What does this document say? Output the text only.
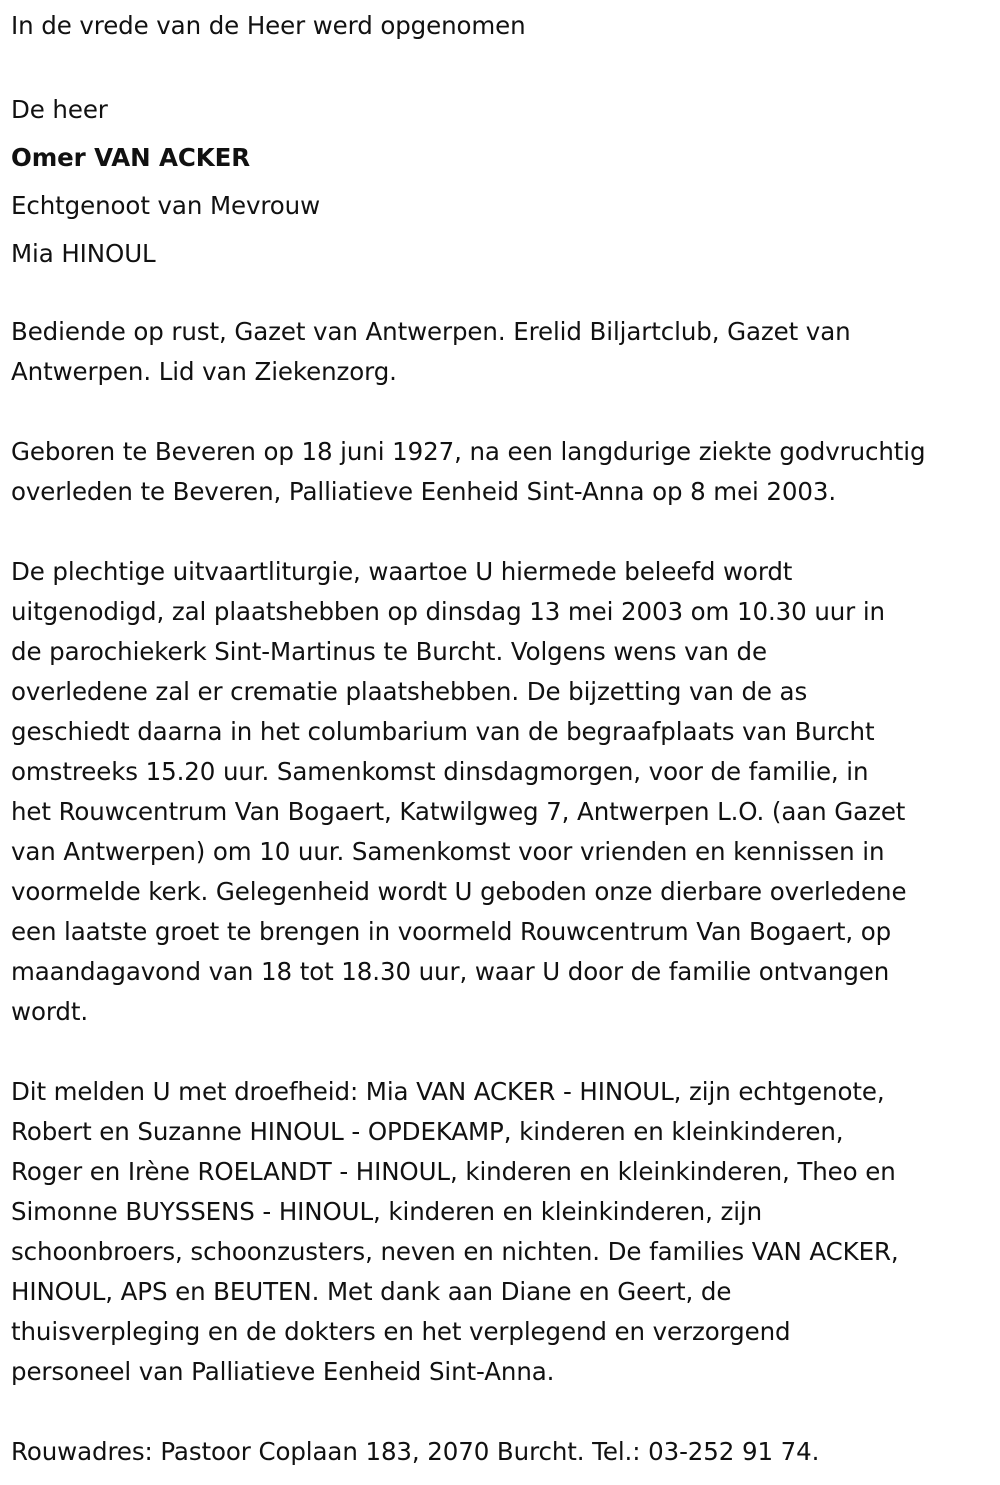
In de vrede van de Heer werd opgenomen

De heer

Omer VAN ACKER

Echtgenoot van Mevrouw

Mia HINOUL

Bediende op rust, Gazet van Antwerpen. Erelid Biljartclub, Gazet van

Antwerpen. Lid van Ziekenzorg.

Geboren te Beveren op 18 juni 1927, na een langdurige ziekte godvruchtig

overleden te Beveren, Palliatieve Eenheid Sint-Anna op 8 mei 2003.

De plechtige uitvaartliturgie, waartoe U hiermede beleefd wordt

uitgenodigd, zal plaatshebben op dinsdag 13 mei 2003 om 10.30 uur in

de parochiekerk Sint-Martinus te Burcht. Volgens wens van de

overledene zal er crematie plaatshebben. De bijzetting van de as

geschiedt daarna in het columbarium van de begraafplaats van Burcht

omstreeks 15.20 uur. Samenkomst dinsdagmorgen, voor de familie, in

het Rouwcentrum Van Bogaert, Katwilgweg 7, Antwerpen L.O. (aan Gazet

van Antwerpen) om 10 uur. Samenkomst voor vrienden en kennissen in

voormelde kerk. Gelegenheid wordt U geboden onze dierbare overledene

een laatste groet te brengen in voormeld Rouwcentrum Van Bogaert, op

maandagavond van 18 tot 18.30 uur, waar U door de familie ontvangen

wordt.

Dit melden U met droefheid: Mia VAN ACKER - HINOUL, zijn echtgenote,

Robert en Suzanne HINOUL - OPDEKAMP, kinderen en kleinkinderen,

Roger en Irène ROELANDT - HINOUL, kinderen en kleinkinderen, Theo en

Simonne BUYSSENS - HINOUL, kinderen en kleinkinderen, zijn

schoonbroers, schoonzusters, neven en nichten. De families VAN ACKER,

HINOUL, APS en BEUTEN. Met dank aan Diane en Geert, de

thuisverpleging en de dokters en het verplegend en verzorgend

personeel van Palliatieve Eenheid Sint-Anna.

Rouwadres: Pastoor Coplaan 183, 2070 Burcht. Tel.: 03-252 91 74.
